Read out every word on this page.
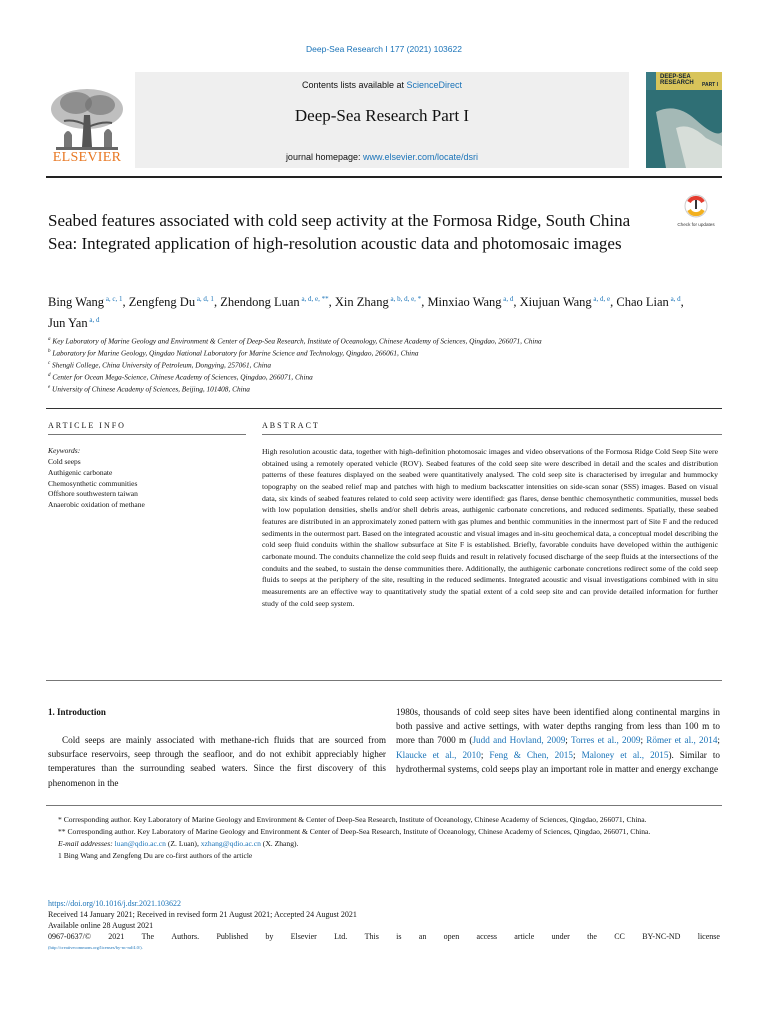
Deep-Sea Research I 177 (2021) 103622
Contents lists available at ScienceDirect
Deep-Sea Research Part I
journal homepage: www.elsevier.com/locate/dsri
ELSEVIER
DEEP-SEA RESEARCH	PART I
Check for updates
Seabed features associated with cold seep activity at the Formosa Ridge, South China Sea: Integrated application of high-resolution acoustic data and photomosaic images
Bing Wang $^{a, c, 1}$, Zengfeng Du $^{a, d, 1}$, Zhendong Luan $^{a, d, e, **}$, Xin Zhang $^{a, b, d, e, *}$, Minxiao Wang $^{a, d}$, Xiujuan Wang $^{a, d, e}$, Chao Lian $^{a, d}$, Jun Yan $^{a, d}$
$^a$ Key Laboratory of Marine Geology and Environment & Center of Deep-Sea Research, Institute of Oceanology, Chinese Academy of Sciences, Qingdao, 266071, China
$^b$ Laboratory for Marine Geology, Qingdao National Laboratory for Marine Science and Technology, Qingdao, 266061, China
$^c$ Shengli College, China University of Petroleum, Dongying, 257061, China
$^d$ Center for Ocean Mega-Science, Chinese Academy of Sciences, Qingdao, 266071, China
$^e$ University of Chinese Academy of Sciences, Beijing, 101408, China
ARTICLE INFO	ABSTRACT
Keywords:
Cold seeps
Authigenic carbonate
Chemosynthetic communities
Offshore southwestern taiwan
Anaerobic oxidation of methane
High resolution acoustic data, together with high-definition photomosaic images and video observations of the Formosa Ridge Cold Seep Site were obtained using a remotely operated vehicle (ROV). Seabed features of the cold seep site were described in detail and the scales and distribution patterns of these features displayed on the seabed were quantitatively analysed. The cold seep site is characterised by irregular and hummocky topography on the seabed relief map and patches with high to medium backscatter intensities on side-scan sonar (SSS) images. Based on visual data, six kinds of seabed features related to cold seep activity were identified: gas flares, dense benthic chemosynthetic communities, mussel beds with low population densities, shells and/or shell debris areas, authigenic carbonate concretions, and reduced sediments. Spatially, these seabed features are distributed in an approximately zoned pattern with gas plumes and benthic communities in the innermost part of Site F and the reduced sediments in the outermost part. Based on the integrated acoustic and visual images and in-situ geochemical data, a conceptual model describing the cold seep fluid conduits within the shallow subsurface at Site F is established. Briefly, favorable conduits have developed within the authigenic carbonate mound. The conduits channelize the cold seep fluids and result in relatively focused discharge of the seep fluids at the intersections of the conduits and the seabed, to sustain the dense communities there. Additionally, the authigenic carbonate concretions redirect some of the cold seep fluids to seeps at the periphery of the site, resulting in the reduced sediments. Integrated acoustic and visual investigations combined with in situ measurements are an effective way to quantitatively study the spatial extent of a cold seep site and can provide detailed information for further study of the cold seep system.
1. Introduction
Cold seeps are mainly associated with methane-rich fluids that are sourced from subsurface reservoirs, seep through the seafloor, and do not exhibit appreciably higher temperatures than the surrounding seabed waters. Since the first discovery of this phenomenon in the
1980s, thousands of cold seep sites have been identified along continental margins in both passive and active settings, with water depths ranging from less than 100 m to more than 7000 m (Judd and Hovland, 2009; Torres et al., 2009; Römer et al., 2014; Klaucke et al., 2010; Feng & Chen, 2015; Maloney et al., 2015). Similar to hydrothermal systems, cold seeps play an important role in matter and energy exchange

* Corresponding author. Key Laboratory of Marine Geology and Environment & Center of Deep-Sea Research, Institute of Oceanology, Chinese Academy of Sciences, Qingdao, 266071, China.

** Corresponding author. Key Laboratory of Marine Geology and Environment & Center of Deep-Sea Research, Institute of Oceanology, Chinese Academy of Sciences, Qingdao, 266071, China.

E-mail addresses: luan@qdio.ac.cn (Z. Luan), xzhang@qdio.ac.cn (X. Zhang).

1 Bing Wang and Zengfeng Du are co-first authors of the article

https://doi.org/10.1016/j.dsr.2021.103622
Received 14 January 2021; Received in revised form 21 August 2021; Accepted 24 August 2021
Available online 28 August 2021
0967-0637/© 2021 The Authors. Published by Elsevier Ltd. This is an open access article under the CC BY-NC-ND license
(http://creativecommons.org/licenses/by-nc-nd/4.0/).
